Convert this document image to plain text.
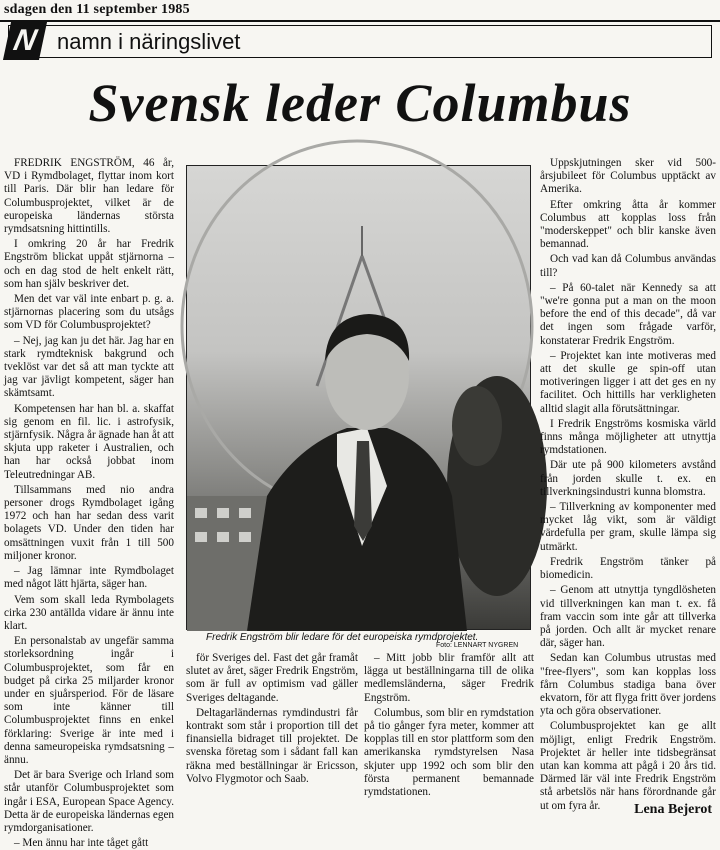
sdagen den 11 september 1985
N namn i näringslivet
Svensk leder Columbus

FREDRIK ENGSTRÖM, 46 år, VD i Rymdbolaget, flyttar inom kort till Paris. Där blir han ledare för Columbusprojektet, vilket är de europeiska ländernas största rymdsatsning hittintills.

I omkring 20 år har Fredrik Engström blickat uppåt stjärnorna – och en dag stod de helt enkelt rätt, som han själv beskriver det.

Men det var väl inte enbart p. g. a. stjärnornas placering som du utsågs som VD för Columbusprojektet?

– Nej, jag kan ju det här. Jag har en stark rymdteknisk bakgrund och tveklöst var det så att man tyckte att jag var jävligt kompetent, säger han skämtsamt.

Kompetensen har han bl. a. skaffat sig genom en fil. lic. i astrofysik, stjärnfysik. Några år ägnade han åt att skjuta upp raketer i Australien, och han har också jobbat inom Teleutredningar AB.

Tillsammans med nio andra personer drogs Rymdbolaget igång 1972 och han har sedan dess varit bolagets VD. Under den tiden har omsättningen vuxit från 1 till 500 miljoner kronor.

– Jag lämnar inte Rymdbolaget med något lätt hjärta, säger han.

Vem som skall leda Rymbolagets cirka 230 antällda vidare är ännu inte klart.

En personalstab av ungefär samma storleksordning ingår i Columbusprojektet, som får en budget på cirka 25 miljarder kronor under en sjuårsperiod. För de läsare som inte känner till Columbusprojektet finns en enkel förklaring: Sverige är inte med i denna sameuropeiska rymdsatsning – ännu.

Det är bara Sverige och Irland som står utanför Columbusprojektet som ingår i ESA, European Space Agency. Detta är de europeiska ländernas egen rymdorganisationer.

– Men ännu har inte tåget gått

Fredrik Engström blir ledare för det europeiska rymdprojektet.
Foto: LENNART NYGREN

för Sveriges del. Fast det går framåt slutet av året, säger Fredrik Engström, som är full av optimism vad gäller Sveriges deltagande.

Deltagarländernas rymdindustri får kontrakt som står i proportion till det finansiella bidraget till projektet. De svenska företag som i sådant fall kan räkna med beställningar är Ericsson, Volvo Flygmotor och Saab.

– Mitt jobb blir framför allt att lägga ut beställningarna till de olika medlemsländerna, säger Fredrik Engström.

Columbus, som blir en rymdstation på tio gånger fyra meter, kommer att kopplas till en stor plattform som den amerikanska rymdstyrelsen Nasa skjuter upp 1992 och som blir den första permanent bemannade rymdstationen.

Uppskjutningen sker vid 500-årsjubileet för Columbus upptäckt av Amerika.

Efter omkring åtta år kommer Columbus att kopplas loss från "moderskeppet" och blir kanske även bemannad.

Och vad kan då Columbus användas till?

– På 60-talet när Kennedy sa att "we're gonna put a man on the moon before the end of this decade", då var det ingen som frågade varför, konstaterar Fredrik Engström.

– Projektet kan inte motiveras med att det skulle ge spin-off utan motiveringen ligger i att det ges en ny facilitet. Och hittills har verkligheten alltid slagit alla förutsättningar.

I Fredrik Engströms kosmiska värld finns många möjligheter att utnyttja rymdstationen.

Där ute på 900 kilometers avstånd från jorden skulle t. ex. en tillverkningsindustri kunna blomstra.

– Tillverkning av komponenter med mycket låg vikt, som är väldigt värdefulla per gram, skulle lämpa sig utmärkt.

Fredrik Engström tänker på biomedicin.

– Genom att utnyttja tyngdlösheten vid tillverkningen kan man t. ex. få fram vaccin som inte går att tillverka på jorden. Och allt är mycket renare där, säger han.

Sedan kan Columbus utrustas med "free-flyers", som kan kopplas loss fårn Columbus stadiga bana över ekvatorn, för att flyga fritt över jordens yta och göra observationer.

Columbusprojektet kan ge allt möjligt, enligt Fredrik Engström. Projektet är heller inte tidsbegränsat utan kan komma att pågå i 20 års tid. Därmed lär väl inte Fredrik Engström stå arbetslös när hans förordnande går ut om fyra år.	Lena Bejerot
